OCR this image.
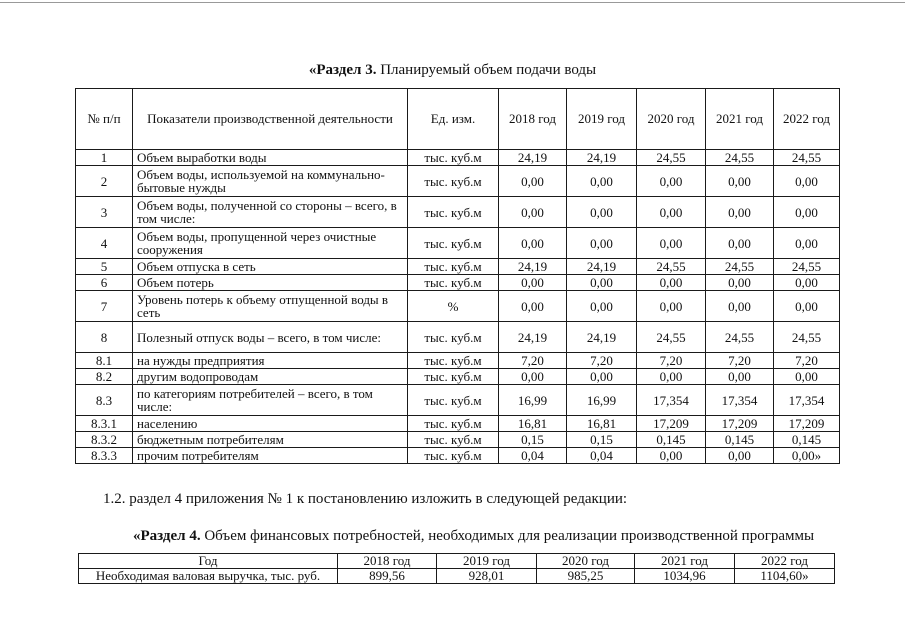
«Раздел 3. Планируемый объем подачи воды
№ п/п	Показатели производственной деятельности	Ед. изм.	2018 год	2019 год	2020 год	2021 год	2022 год
1	Объем выработки воды	тыс. куб.м	24,19	24,19	24,55	24,55	24,55
2	Объем воды, используемой на коммунально-бытовые нужды	тыс. куб.м	0,00	0,00	0,00	0,00	0,00
3	Объем воды, полученной со стороны – всего, в том числе:	тыс. куб.м	0,00	0,00	0,00	0,00	0,00
4	Объем воды, пропущенной через очистные сооружения	тыс. куб.м	0,00	0,00	0,00	0,00	0,00
5	Объем отпуска в сеть	тыс. куб.м	24,19	24,19	24,55	24,55	24,55
6	Объем потерь	тыс. куб.м	0,00	0,00	0,00	0,00	0,00
7	Уровень потерь к объему отпущенной воды в сеть	%	0,00	0,00	0,00	0,00	0,00
8	Полезный отпуск воды – всего, в том числе:	тыс. куб.м	24,19	24,19	24,55	24,55	24,55
8.1	на нужды предприятия	тыс. куб.м	7,20	7,20	7,20	7,20	7,20
8.2	другим водопроводам	тыс. куб.м	0,00	0,00	0,00	0,00	0,00
8.3	по категориям потребителей – всего, в том числе:	тыс. куб.м	16,99	16,99	17,354	17,354	17,354
8.3.1	населению	тыс. куб.м	16,81	16,81	17,209	17,209	17,209
8.3.2	бюджетным потребителям	тыс. куб.м	0,15	0,15	0,145	0,145	0,145
8.3.3	прочим потребителям	тыс. куб.м	0,04	0,04	0,00	0,00	0,00»
1.2. раздел 4 приложения № 1 к постановлению изложить в следующей редакции:
«Раздел 4. Объем финансовых потребностей, необходимых для реализации производственной программы
Год	2018 год	2019 год	2020 год	2021 год	2022 год
Необходимая валовая выручка, тыс. руб.	899,56	928,01	985,25	1034,96	1104,60»
